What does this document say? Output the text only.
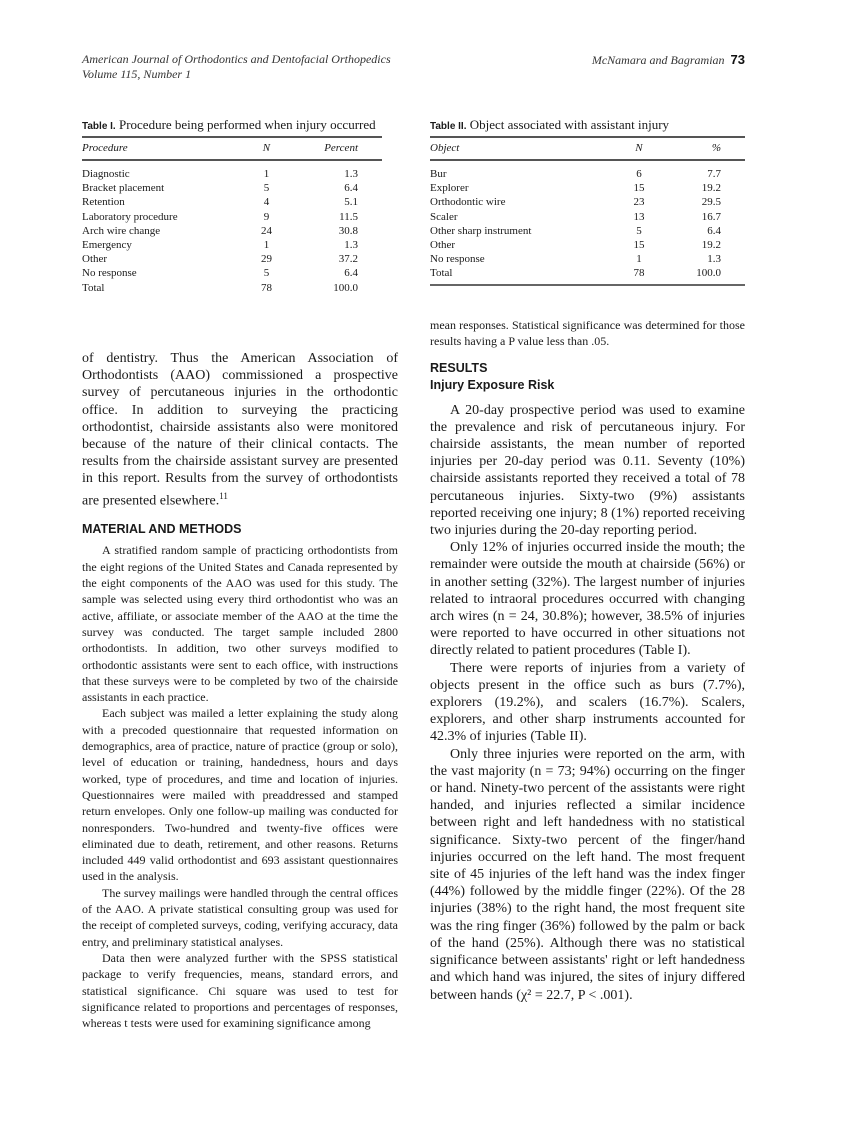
American Journal of Orthodontics and Dentofacial Orthopedics
Volume 115, Number 1
McNamara and Bagramian 73
Table I. Procedure being performed when injury occurred
Procedure	N	Percent
Diagnostic	1	1.3
Bracket placement	5	6.4
Retention	4	5.1
Laboratory procedure	9	11.5
Arch wire change	24	30.8
Emergency	1	1.3
Other	29	37.2
No response	5	6.4
Total	78	100.0
Table II. Object associated with assistant injury
Object	N	%
Bur	6	7.7
Explorer	15	19.2
Orthodontic wire	23	29.5
Scaler	13	16.7
Other sharp instrument	5	6.4
Other	15	19.2
No response	1	1.3
Total	78	100.0

of dentistry. Thus the American Association of Orthodontists (AAO) commissioned a prospective survey of percutaneous injuries in the orthodontic office. In addition to surveying the practicing orthodontist, chairside assistants also were monitored because of the nature of their clinical contacts. The results from the chairside assistant survey are presented in this report. Results from the survey of orthodontists are presented elsewhere.$^{11}$

MATERIAL AND METHODS

A stratified random sample of practicing orthodontists from the eight regions of the United States and Canada represented by the eight components of the AAO was used for this study. The sample was selected using every third orthodontist who was an active, affiliate, or associate member of the AAO at the time the survey was conducted. The target sample included 2800 orthodontists. In addition, two other surveys modified to orthodontic assistants were sent to each office, with instructions that these surveys were to be completed by two of the chairside assistants in each practice.

Each subject was mailed a letter explaining the study along with a precoded questionnaire that requested information on demographics, area of practice, nature of practice (group or solo), level of education or training, handedness, hours and days worked, type of procedures, and time and location of injuries. Questionnaires were mailed with preaddressed and stamped return envelopes. Only one follow-up mailing was conducted for nonresponders. Two-hundred and twenty-five offices were eliminated due to death, retirement, and other reasons. Returns included 449 valid orthodontist and 693 assistant questionnaires used in the analysis.

The survey mailings were handled through the central offices of the AAO. A private statistical consulting group was used for the receipt of completed surveys, coding, verifying accuracy, data entry, and preliminary statistical analyses.

Data then were analyzed further with the SPSS statistical package to verify frequencies, means, standard errors, and statistical significance. Chi square was used to test for significance related to proportions and percentages of responses, whereas t tests were used for examining significance among

mean responses. Statistical significance was determined for those results having a P value less than .05.

RESULTS
Injury Exposure Risk

A 20-day prospective period was used to examine the prevalence and risk of percutaneous injury. For chairside assistants, the mean number of reported injuries per 20-day period was 0.11. Seventy (10%) chairside assistants reported they received a total of 78 percutaneous injuries. Sixty-two (9%) assistants reported receiving one injury; 8 (1%) reported receiving two injuries during the 20-day reporting period.

Only 12% of injuries occurred inside the mouth; the remainder were outside the mouth at chairside (56%) or in another setting (32%). The largest number of injuries related to intraoral procedures occurred with changing arch wires (n = 24, 30.8%); however, 38.5% of injuries were reported to have occurred in other situations not directly related to patient procedures (Table I).

There were reports of injuries from a variety of objects present in the office such as burs (7.7%), explorers (19.2%), and scalers (16.7%). Scalers, explorers, and other sharp instruments accounted for 42.3% of injuries (Table II).

Only three injuries were reported on the arm, with the vast majority (n = 73; 94%) occurring on the finger or hand. Ninety-two percent of the assistants were right handed, and injuries reflected a similar incidence between right and left handedness with no statistical significance. Sixty-two percent of the finger/hand injuries occurred on the left hand. The most frequent site of 45 injuries of the left hand was the index finger (44%) followed by the middle finger (22%). Of the 28 injuries (38%) to the right hand, the most frequent site was the ring finger (36%) followed by the palm or back of the hand (25%). Although there was no statistical significance between assistants' right or left handedness and which hand was injured, the sites of injury differed between hands (χ² = 22.7, P < .001).
